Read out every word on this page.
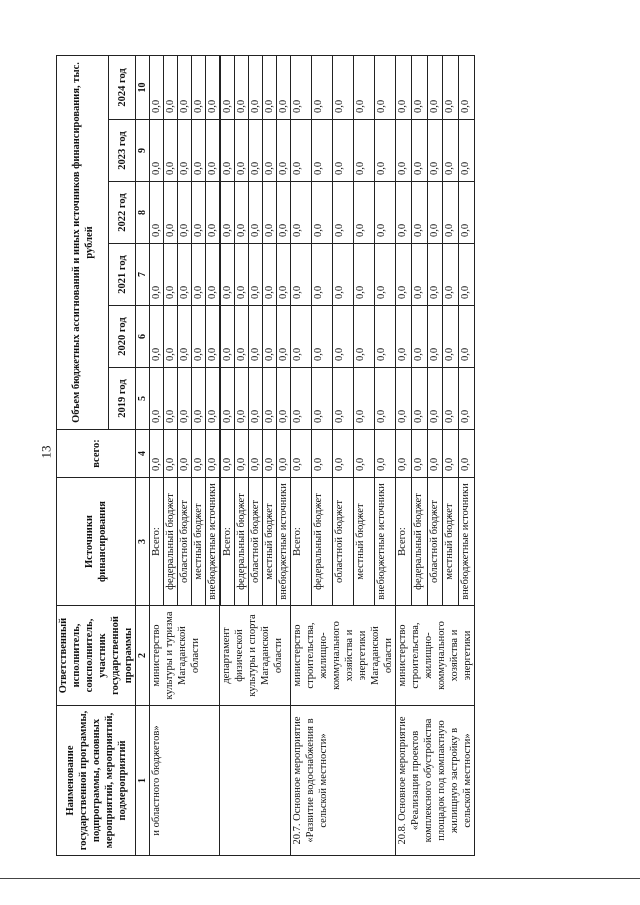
13
Наименование государственной программы, подпрограммы, основных мероприятий, мероприятий, подмероприятий	Ответственный исполнитель, соисполнитель, участник государственной программы	Источники финансирования	всего:	Объем бюджетных ассигнований и иных источников финансирования, тыс. рублей					
				2019 год	2020 год	2021 год	2022 год	2023 год	2024 год
1	2	3	4	5	6	7	8	9	10
и областного бюджетов»	министерство культуры и туризма Магаданской области	Всего:	0,0	0,0	0,0	0,0	0,0	0,0	0,0
		федеральный бюджет	0,0	0,0	0,0	0,0	0,0	0,0	0,0
		областной бюджет	0,0	0,0	0,0	0,0	0,0	0,0	0,0
		местный бюджет	0,0	0,0	0,0	0,0	0,0	0,0	0,0
		внебюджетные источники	0,0	0,0	0,0	0,0	0,0	0,0	0,0
	департамент физической культуры и спорта Магаданской области								
		Всего:	0,0	0,0	0,0	0,0	0,0	0,0	0,0
		федеральный бюджет	0,0	0,0	0,0	0,0	0,0	0,0	0,0
		областной бюджет	0,0	0,0	0,0	0,0	0,0	0,0	0,0
		местный бюджет	0,0	0,0	0,0	0,0	0,0	0,0	0,0
		внебюджетные источники	0,0	0,0	0,0	0,0	0,0	0,0	0,0
20.7. Основное мероприятие «Развитие водоснабжения в сельской местности»	министерство строительства, жилищно-коммунального хозяйства и энергетики Магаданской области	Всего:	0,0	0,0	0,0	0,0	0,0	0,0	0,0
		федеральный бюджет	0,0	0,0	0,0	0,0	0,0	0,0	0,0
		областной бюджет	0,0	0,0	0,0	0,0	0,0	0,0	0,0
		местный бюджет	0,0	0,0	0,0	0,0	0,0	0,0	0,0
		внебюджетные источники	0,0	0,0	0,0	0,0	0,0	0,0	0,0
20.8. Основное мероприятие «Реализация проектов комплексного обустройства площадок под компактную жилищную застройку в сельской местности»	министерство строительства, жилищно-коммунального хозяйства и энергетики	Всего:	0,0	0,0	0,0	0,0	0,0	0,0	0,0
		федеральный бюджет	0,0	0,0	0,0	0,0	0,0	0,0	0,0
		областной бюджет	0,0	0,0	0,0	0,0	0,0	0,0	0,0
		местный бюджет	0,0	0,0	0,0	0,0	0,0	0,0	0,0
		внебюджетные источники	0,0	0,0	0,0	0,0	0,0	0,0	0,0
